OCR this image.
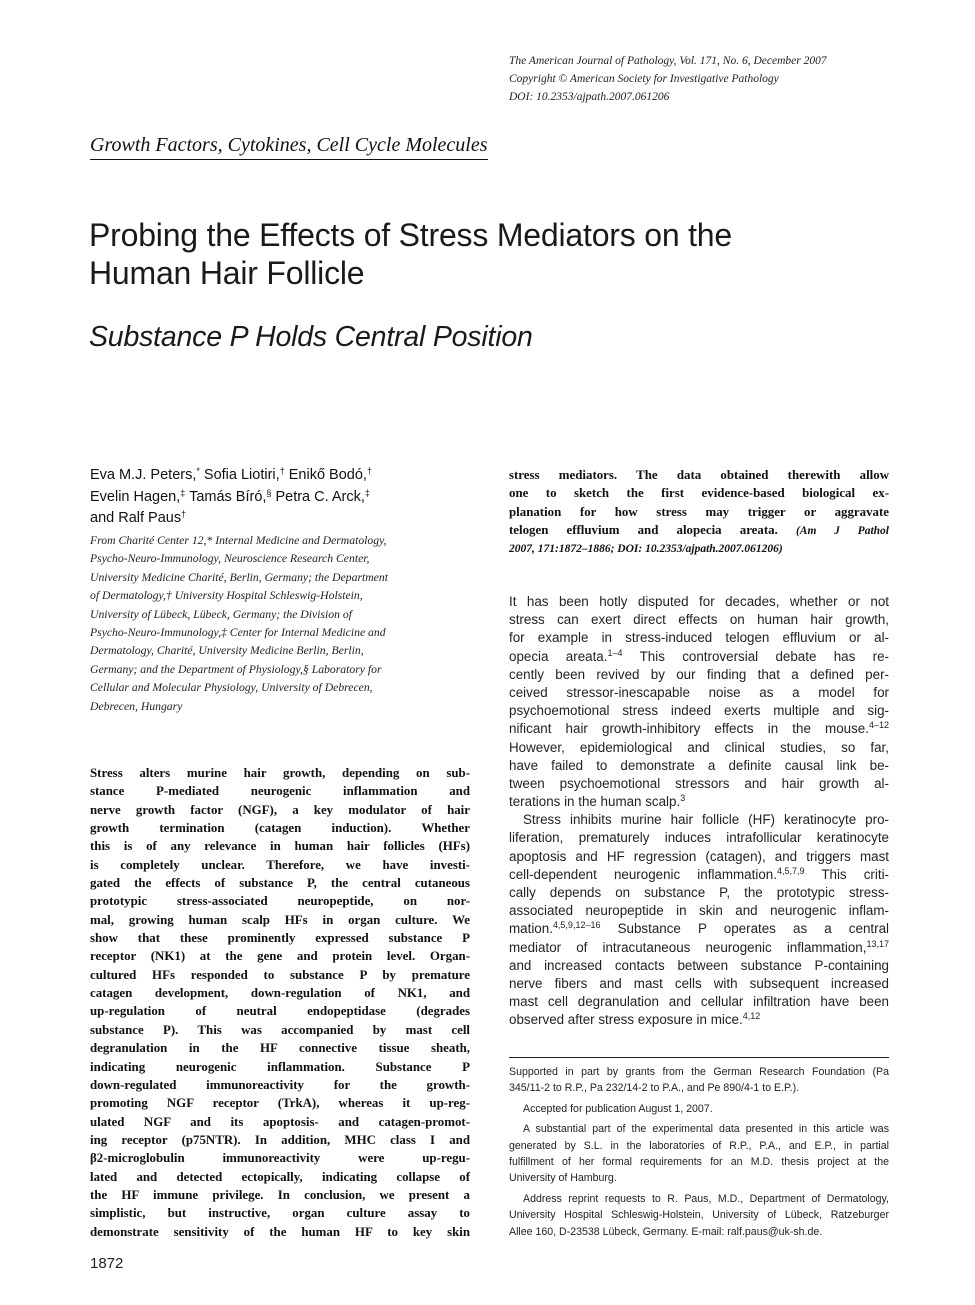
The American Journal of Pathology, Vol. 171, No. 6, December 2007
Copyright © American Society for Investigative Pathology
DOI: 10.2353/ajpath.2007.061206
Growth Factors, Cytokines, Cell Cycle Molecules
Probing the Effects of Stress Mediators on the
Human Hair Follicle
Substance P Holds Central Position
Eva M.J. Peters,* Sofia Liotiri,† Enikő Bodó,†
Evelin Hagen,‡ Tamás Bíró,§ Petra C. Arck,‡
and Ralf Paus†
From Charité Center 12,* Internal Medicine and Dermatology,
Psycho-Neuro-Immunology, Neuroscience Research Center,
University Medicine Charité, Berlin, Germany; the Department
of Dermatology,† University Hospital Schleswig-Holstein,
University of Lübeck, Lübeck, Germany; the Division of
Psycho-Neuro-Immunology,‡ Center for Internal Medicine and
Dermatology, Charité, University Medicine Berlin, Berlin,
Germany; and the Department of Physiology,§ Laboratory for
Cellular and Molecular Physiology, University of Debrecen,
Debrecen, Hungary
Stress alters murine hair growth, depending on sub-
stance P-mediated neurogenic inflammation and
nerve growth factor (NGF), a key modulator of hair
growth termination (catagen induction). Whether
this is of any relevance in human hair follicles (HFs)
is completely unclear. Therefore, we have investi-
gated the effects of substance P, the central cutaneous
prototypic stress-associated neuropeptide, on nor-
mal, growing human scalp HFs in organ culture. We
show that these prominently expressed substance P
receptor (NK1) at the gene and protein level. Organ-
cultured HFs responded to substance P by premature
catagen development, down-regulation of NK1, and
up-regulation of neutral endopeptidase (degrades
substance P). This was accompanied by mast cell
degranulation in the HF connective tissue sheath,
indicating neurogenic inflammation. Substance P
down-regulated immunoreactivity for the growth-
promoting NGF receptor (TrkA), whereas it up-reg-
ulated NGF and its apoptosis- and catagen-promot-
ing receptor (p75NTR). In addition, MHC class I and
β2-microglobulin immunoreactivity were up-regu-
lated and detected ectopically, indicating collapse of
the HF immune privilege. In conclusion, we present a
simplistic, but instructive, organ culture assay to
demonstrate sensitivity of the human HF to key skin
stress mediators. The data obtained therewith allow
one to sketch the first evidence-based biological ex-
planation for how stress may trigger or aggravate
telogen effluvium and alopecia areata. (Am J Pathol
2007, 171:1872–1886; DOI: 10.2353/ajpath.2007.061206)
It has been hotly disputed for decades, whether or not
stress can exert direct effects on human hair growth,
for example in stress-induced telogen effluvium or al-
opecia areata.$^{1-4}$ This controversial debate has re-
cently been revived by our finding that a defined per-
ceived stressor-inescapable noise as a model for
psychoemotional stress indeed exerts multiple and sig-
nificant hair growth-inhibitory effects in the mouse.$^{4-12}$
However, epidemiological and clinical studies, so far,
have failed to demonstrate a definite causal link be-
tween psychoemotional stressors and hair growth al-
terations in the human scalp.$^3$
Stress inhibits murine hair follicle (HF) keratinocyte pro-
liferation, prematurely induces intrafollicular keratinocyte
apoptosis and HF regression (catagen), and triggers mast
cell-dependent neurogenic inflammation.$^{4,5,7,9}$ This criti-
cally depends on substance P, the prototypic stress-
associated neuropeptide in skin and neurogenic inflam-
mation.$^{4,5,9,12-16}$ Substance P operates as a central
mediator of intracutaneous neurogenic inflammation,$^{13,17}$
and increased contacts between substance P-containing
nerve fibers and mast cells with subsequent increased
mast cell degranulation and cellular infiltration have been
observed after stress exposure in mice.$^{4,12}$
Supported in part by grants from the German Research Foundation (Pa
345/11-2 to R.P., Pa 232/14-2 to P.A., and Pe 890/4-1 to E.P.).
Accepted for publication August 1, 2007.
A substantial part of the experimental data presented in this article was
generated by S.L. in the laboratories of R.P., P.A., and E.P., in partial
fulfillment of her formal requirements for an M.D. thesis project at the
University of Hamburg.
Address reprint requests to R. Paus, M.D., Department of Dermatology,
University Hospital Schleswig-Holstein, University of Lübeck, Ratzeburger
Allee 160, D-23538 Lübeck, Germany. E-mail: ralf.paus@uk-sh.de.
1872
